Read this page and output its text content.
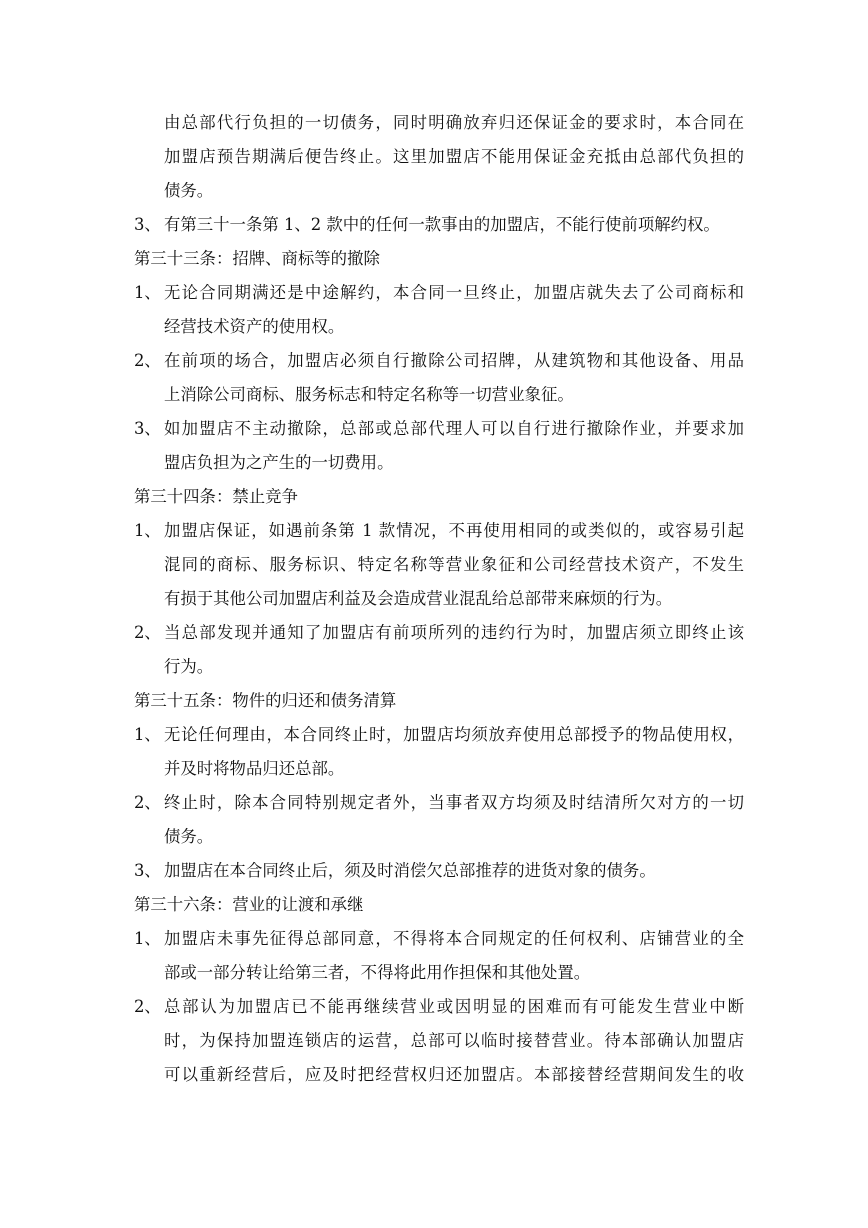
由总部代行负担的一切债务，同时明确放弃归还保证金的要求时，本合同在
加盟店预告期满后便告终止。这里加盟店不能用保证金充抵由总部代负担的
债务。
3、 有第三十一条第 1、2 款中的任何一款事由的加盟店，不能行使前项解约权。
第三十三条：招牌、商标等的撤除
1、 无论合同期满还是中途解约，本合同一旦终止，加盟店就失去了公司商标和
经营技术资产的使用权。
2、 在前项的场合，加盟店必须自行撤除公司招牌，从建筑物和其他设备、用品
上消除公司商标、服务标志和特定名称等一切营业象征。
3、 如加盟店不主动撤除，总部或总部代理人可以自行进行撤除作业，并要求加
盟店负担为之产生的一切费用。
第三十四条：禁止竞争
1、 加盟店保证，如遇前条第 1 款情况，不再使用相同的或类似的，或容易引起
混同的商标、服务标识、特定名称等营业象征和公司经营技术资产，不发生
有损于其他公司加盟店利益及会造成营业混乱给总部带来麻烦的行为。
2、 当总部发现并通知了加盟店有前项所列的违约行为时，加盟店须立即终止该
行为。
第三十五条：物件的归还和债务清算
1、 无论任何理由，本合同终止时，加盟店均须放弃使用总部授予的物品使用权，
并及时将物品归还总部。
2、 终止时，除本合同特别规定者外，当事者双方均须及时结清所欠对方的一切
债务。
3、 加盟店在本合同终止后，须及时消偿欠总部推荐的进货对象的债务。
第三十六条：营业的让渡和承继
1、 加盟店未事先征得总部同意，不得将本合同规定的任何权利、店铺营业的全
部或一部分转让给第三者，不得将此用作担保和其他处置。
2、 总部认为加盟店已不能再继续营业或因明显的困难而有可能发生营业中断
时，为保持加盟连锁店的运营，总部可以临时接替营业。待本部确认加盟店
可以重新经营后，应及时把经营权归还加盟店。本部接替经营期间发生的收
